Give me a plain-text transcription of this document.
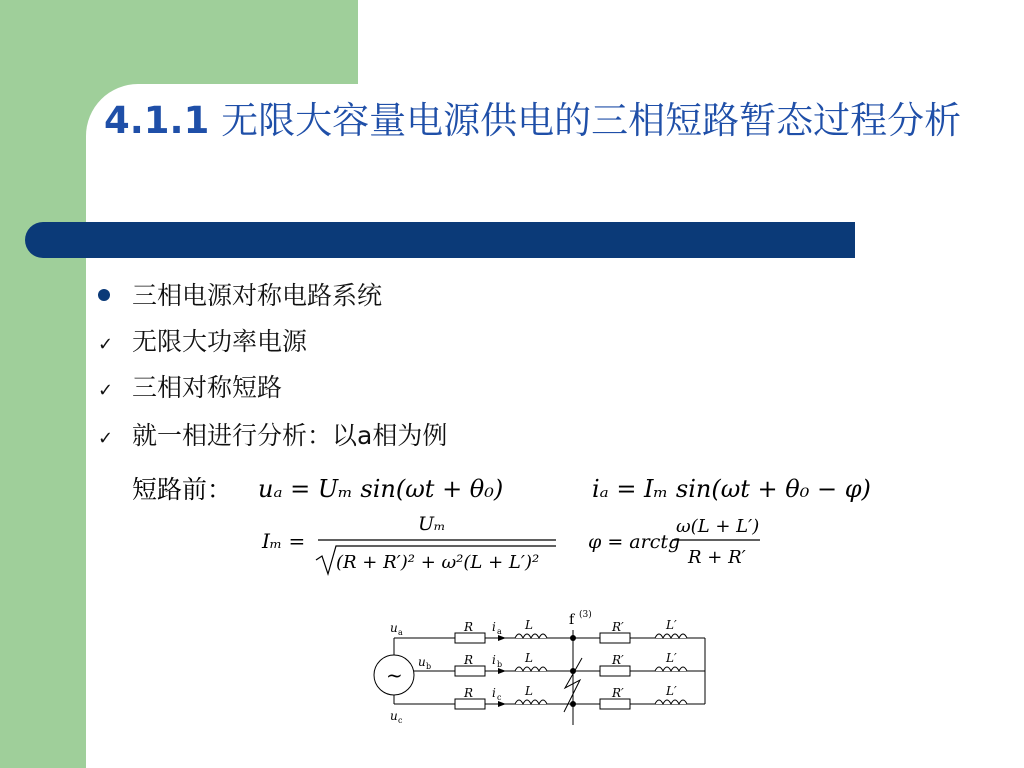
4.1.1 无限大容量电源供电的三相短路暂态过程分析
三相电源对称电路系统
✓ 无限大功率电源
✓ 三相对称短路
✓ 就一相进行分析：以a相为例
短路前： uₐ = Uₘ sin(ωt + θ₀)	iₐ = Iₘ sin(ωt + θ₀ − φ)
Iₘ =
Uₘ
(R + R′)² + ω²(L + L′)²
φ = arctg
ω(L + L′)
R + R′
~
f (3)
u a	R i a L	R′	L′
u b	R i b L	R′	L′
u c
R i c L	R′	L′
